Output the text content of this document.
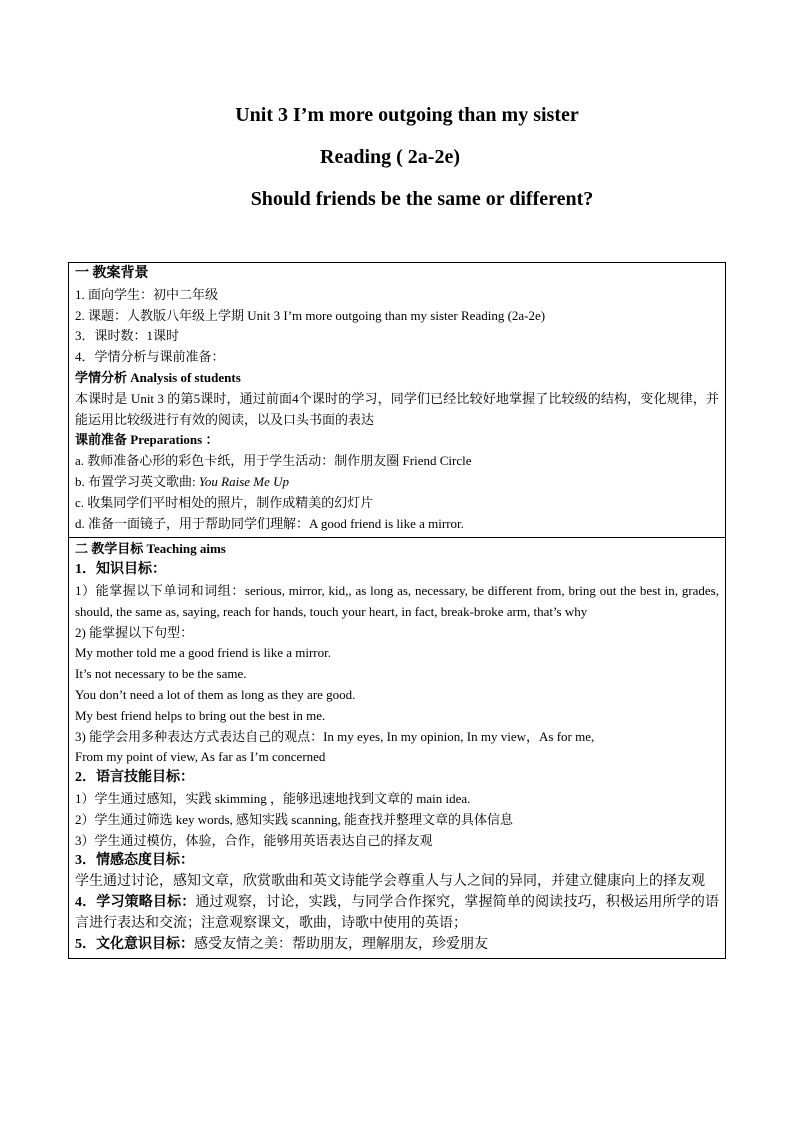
Unit 3 I’m more outgoing than my sister
Reading ( 2a-2e)
Should friends be the same or different?
一 教案背景
1. 面向学生：初中二年级
2. 课题：人教版八年级上学期 Unit 3 I’m more outgoing than my sister Reading (2a-2e)
3．课时数：1课时
4．学情分析与课前准备：
学情分析 Analysis of students
本课时是 Unit 3 的第5课时，通过前面4个课时的学习，同学们已经比较好地掌握了比较级的结构，变化规律，并能运用比较级进行有效的阅读，以及口头书面的表达
课前准备 Preparations ：
a. 教师准备心形的彩色卡纸，用于学生活动：制作朋友圈 Friend Circle
b. 布置学习英文歌曲: You Raise Me Up
c. 收集同学们平时相处的照片，制作成精美的幻灯片
d. 准备一面镜子，用于帮助同学们理解：A good friend is like a mirror.
二 教学目标 Teaching aims
1．知识目标：
1）能掌握以下单词和词组：serious, mirror, kid,, as long as, necessary, be different from, bring out the best in, grades, should, the same as, saying, reach for hands, touch your heart, in fact, break-broke arm, that’s why
2) 能掌握以下句型：
My mother told me a good friend is like a mirror.
It’s not necessary to be the same.
You don’t need a lot of them as long as they are good.
My best friend helps to bring out the best in me.
3) 能学会用多种表达方式表达自己的观点：In my eyes, In my opinion, In my view，As for me,
From my point of view, As far as I’m concerned
2．语言技能目标：
1）学生通过感知，实践 skimming ，能够迅速地找到文章的 main idea.
2）学生通过筛选 key words, 感知实践 scanning, 能查找并整理文章的具体信息
3）学生通过模仿，体验，合作，能够用英语表达自己的择友观
3．情感态度目标：
学生通过讨论，感知文章，欣赏歌曲和英文诗能学会尊重人与人之间的异同，并建立健康向上的择友观
4．学习策略目标：通过观察，讨论，实践，与同学合作探究，掌握简单的阅读技巧，积极运用所学的语言进行表达和交流；注意观察课文，歌曲，诗歌中使用的英语；
5．文化意识目标：感受友情之美：帮助朋友，理解朋友，珍爱朋友
